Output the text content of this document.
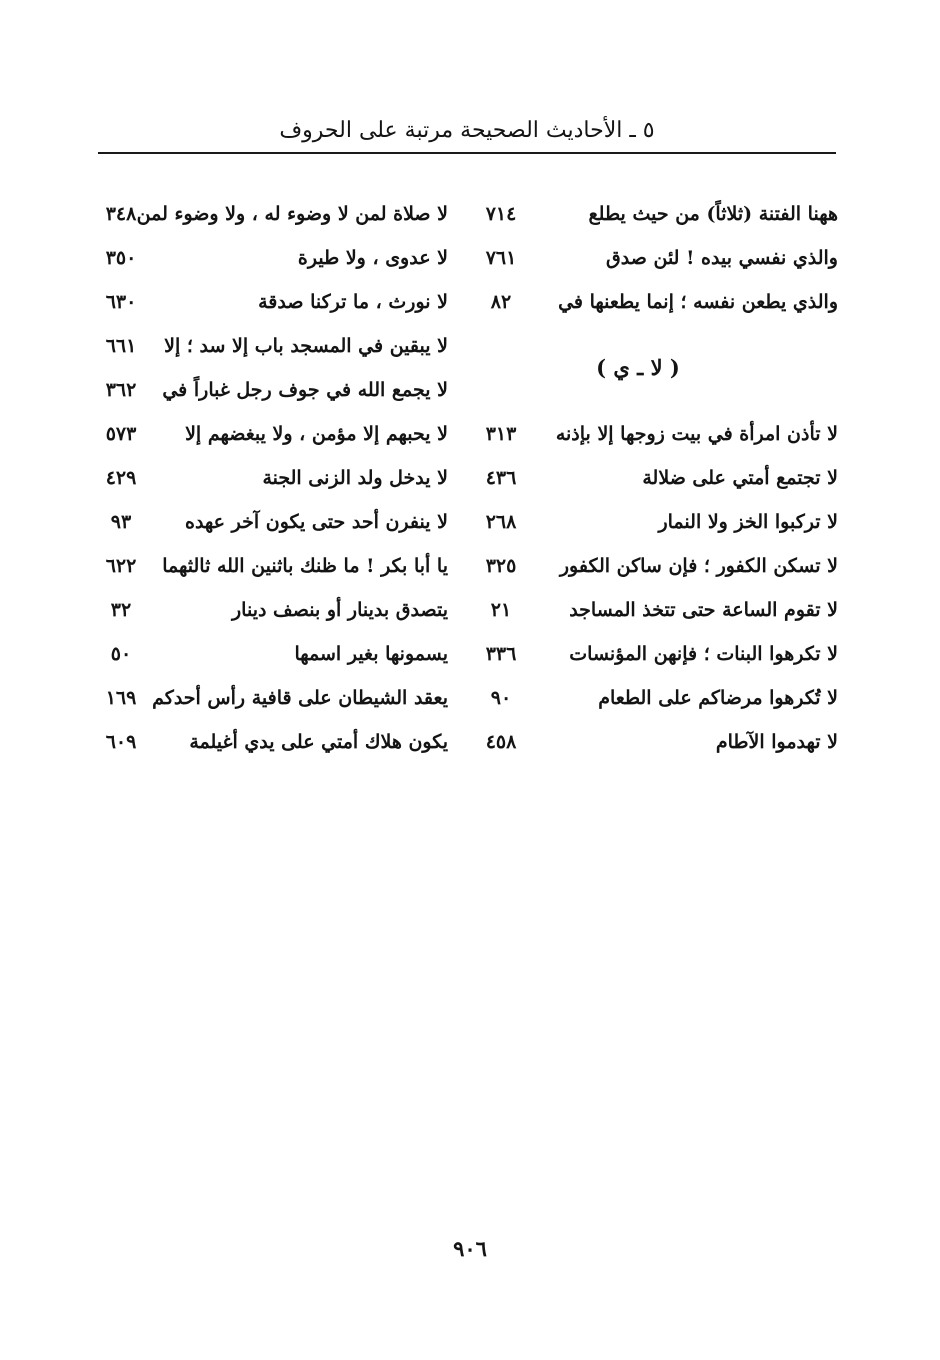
٥ ـ الأحاديث الصحيحة مرتبة على الحروف
ههنا الفتنة (ثلاثاً) من حيث يطلع
٧١٤
والذي نفسي بيده ! لئن صدق
٧٦١
والذي يطعن نفسه ؛ إنما يطعنها في
٨٢
( لا ـ ي )
لا تأذن امرأة في بيت زوجها إلا بإذنه
٣١٣
لا تجتمع أمتي على ضلالة
٤٣٦
لا تركبوا الخز ولا النمار
٢٦٨
لا تسكن الكفور ؛ فإن ساكن الكفور
٣٢٥
لا تقوم الساعة حتى تتخذ المساجد
٢١
لا تكرهوا البنات ؛ فإنهن المؤنسات
٣٣٦
لا تُكرهوا مرضاكم على الطعام
٩٠
لا تهدموا الآطام
٤٥٨
لا صلاة لمن لا وضوء له ، ولا وضوء لمن
٣٤٨
لا عدوى ، ولا طيرة
٣٥٠
لا نورث ، ما تركنا صدقة
٦٣٠
لا يبقين في المسجد باب إلا سد ؛ إلا
٦٦١
لا يجمع الله في جوف رجل غباراً في
٣٦٢
لا يحبهم إلا مؤمن ، ولا يبغضهم إلا
٥٧٣
لا يدخل ولد الزنى الجنة
٤٢٩
لا ينفرن أحد حتى يكون آخر عهده
٩٣
يا أبا بكر ! ما ظنك باثنين الله ثالثهما
٦٢٢
يتصدق بدينار أو بنصف دينار
٣٢
يسمونها بغير اسمها
٥٠
يعقد الشيطان على قافية رأس أحدكم
١٦٩
يكون هلاك أمتي على يدي أغيلمة
٦٠٩
٩٠٦
